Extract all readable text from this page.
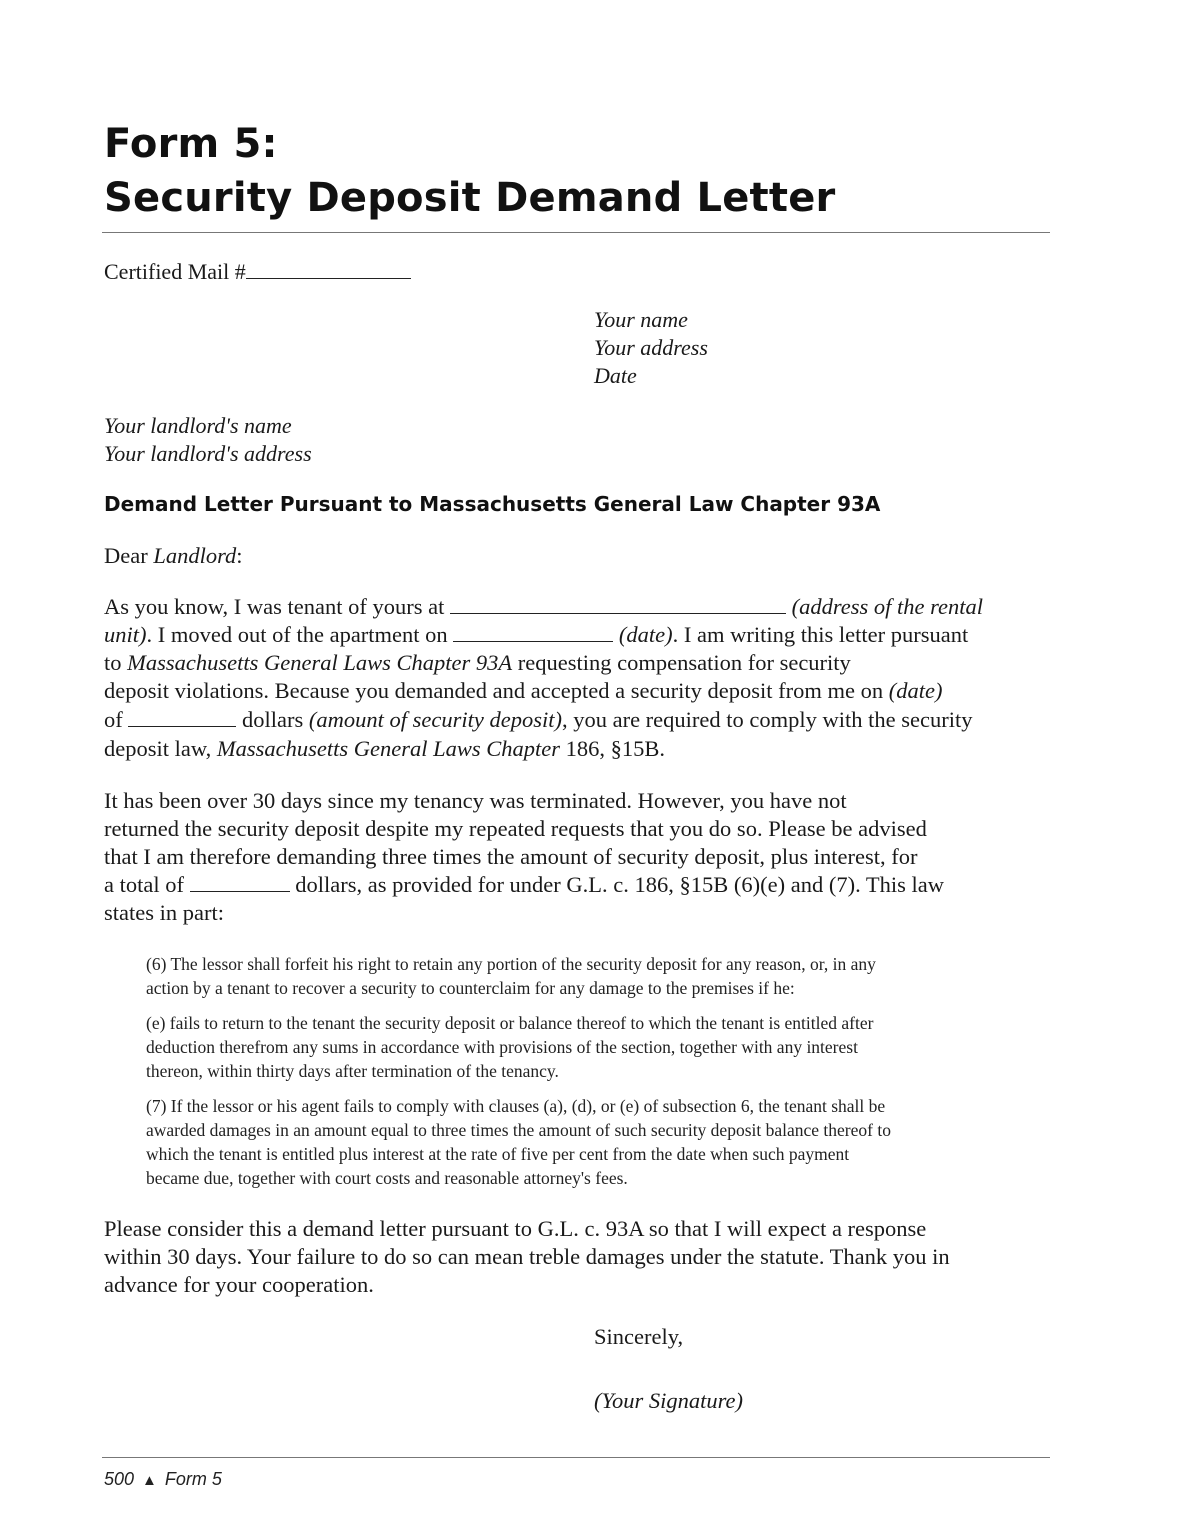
Form 5:
Security Deposit Demand Letter
Certified Mail #
Your name
Your address
Date
Your landlord's name
Your landlord's address
Demand Letter Pursuant to Massachusetts General Law Chapter 93A
Dear Landlord:
As you know, I was tenant of yours at	(address of the rental
unit). I moved out of the apartment on	(date). I am writing this letter pursuant
to Massachusetts General Laws Chapter 93A requesting compensation for security
deposit violations. Because you demanded and accepted a security deposit from me on (date)
of	dollars (amount of security deposit), you are required to comply with the security
deposit law, Massachusetts General Laws Chapter 186, §15B.
It has been over 30 days since my tenancy was terminated. However, you have not
returned the security deposit despite my repeated requests that you do so. Please be advised
that I am therefore demanding three times the amount of security deposit, plus interest, for
a total of	dollars, as provided for under G.L. c. 186, §15B (6)(e) and (7). This law
states in part:
(6) The lessor shall forfeit his right to retain any portion of the security deposit for any reason, or, in any
action by a tenant to recover a security to counterclaim for any damage to the premises if he:
(e) fails to return to the tenant the security deposit or balance thereof to which the tenant is entitled after
deduction therefrom any sums in accordance with provisions of the section, together with any interest
thereon, within thirty days after termination of the tenancy.
(7) If the lessor or his agent fails to comply with clauses (a), (d), or (e) of subsection 6, the tenant shall be
awarded damages in an amount equal to three times the amount of such security deposit balance thereof to
which the tenant is entitled plus interest at the rate of five per cent from the date when such payment
became due, together with court costs and reasonable attorney's fees.
Please consider this a demand letter pursuant to G.L. c. 93A so that I will expect a response
within 30 days. Your failure to do so can mean treble damages under the statute. Thank you in
advance for your cooperation.
Sincerely,
(Your Signature)
500 ▲ Form 5
